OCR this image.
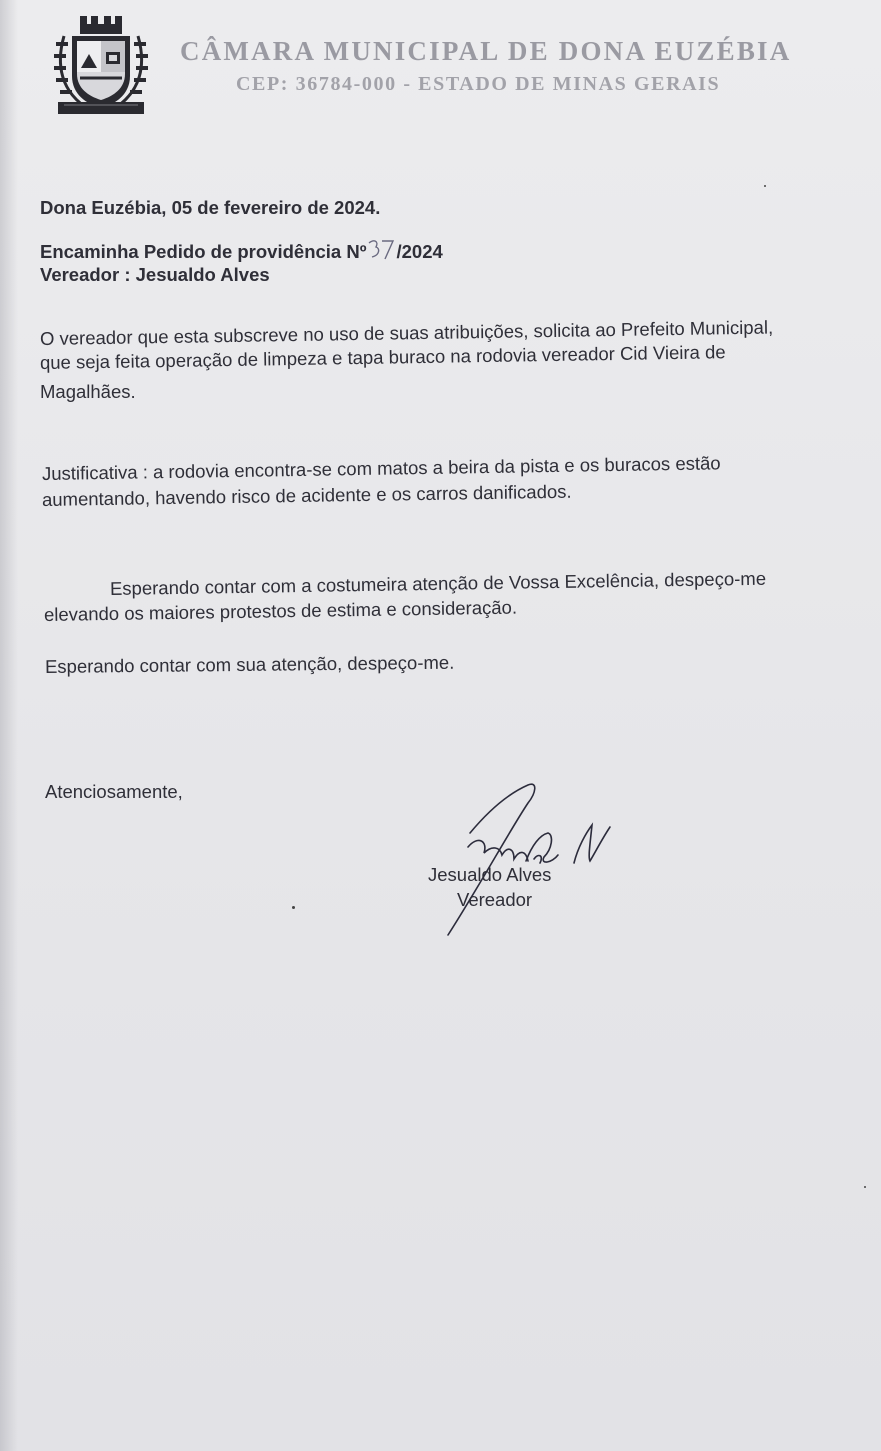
CÂMARA MUNICIPAL DE DONA EUZÉBIA
CEP: 36784-000 - ESTADO DE MINAS GERAIS
Dona Euzébia, 05 de fevereiro de 2024.
Encaminha Pedido de providência Nº /2024
Vereador : Jesualdo Alves
O vereador que esta subscreve no uso de suas atribuições, solicita ao Prefeito Municipal,
que seja feita operação de limpeza e tapa buraco na rodovia vereador Cid Vieira de
Magalhães.
Justificativa : a rodovia encontra-se com matos a beira da pista e os buracos estão
aumentando, havendo risco de acidente e os carros danificados.
Esperando contar com a costumeira atenção de Vossa Excelência, despeço-me
elevando os maiores protestos de estima e consideração.
Esperando contar com sua atenção, despeço-me.
Atenciosamente,
Jesualdo Alves
Vereador
